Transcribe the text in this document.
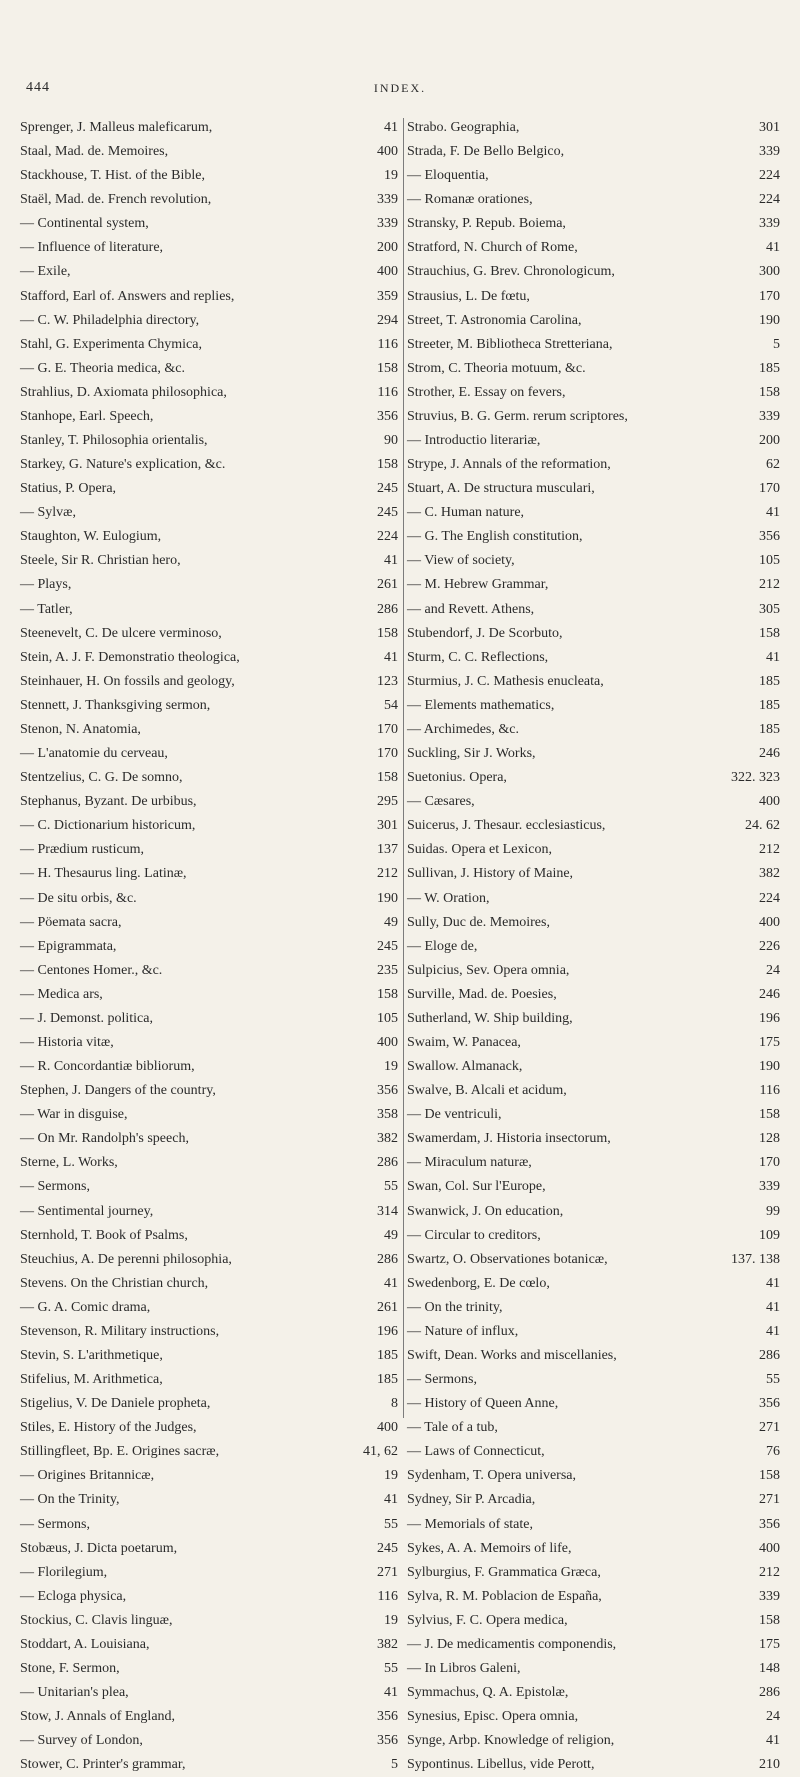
444	INDEX.
Sprenger, J. Malleus maleficarum,	41
Staal, Mad. de. Memoires,	400
Stackhouse, T. Hist. of the Bible,	19
Staël, Mad. de. French revolution,	339
— Continental system,	339
— Influence of literature,	200
— Exile,	400
Stafford, Earl of. Answers and replies,	359
— C. W. Philadelphia directory,	294
Stahl, G. Experimenta Chymica,	116
— G. E. Theoria medica, &c.	158
Strahlius, D. Axiomata philosophica,	116
Stanhope, Earl. Speech,	356
Stanley, T. Philosophia orientalis,	90
Starkey, G. Nature's explication, &c.	158
Statius, P. Opera,	245
— Sylvæ,	245
Staughton, W. Eulogium,	224
Steele, Sir R. Christian hero,	41
— Plays,	261
— Tatler,	286
Steenevelt, C. De ulcere verminoso,	158
Stein, A. J. F. Demonstratio theologica,	41
Steinhauer, H. On fossils and geology,	123
Stennett, J. Thanksgiving sermon,	54
Stenon, N. Anatomia,	170
— L'anatomie du cerveau,	170
Stentzelius, C. G. De somno,	158
Stephanus, Byzant. De urbibus,	295
— C. Dictionarium historicum,	301
— Prædium rusticum,	137
— H. Thesaurus ling. Latinæ,	212
— De situ orbis, &c.	190
— Pöemata sacra,	49
— Epigrammata,	245
— Centones Homer., &c.	235
— Medica ars,	158
— J. Demonst. politica,	105
— Historia vitæ,	400
— R. Concordantiæ bibliorum,	19
Stephen, J. Dangers of the country,	356
— War in disguise,	358
— On Mr. Randolph's speech,	382
Sterne, L. Works,	286
— Sermons,	55
— Sentimental journey,	314
Sternhold, T. Book of Psalms,	49
Steuchius, A. De perenni philosophia,	286
Stevens. On the Christian church,	41
— G. A. Comic drama,	261
Stevenson, R. Military instructions,	196
Stevin, S. L'arithmetique,	185
Stifelius, M. Arithmetica,	185
Stigelius, V. De Daniele propheta,	8
Stiles, E. History of the Judges,	400
Stillingfleet, Bp. E. Origines sacræ,	41, 62
— Origines Britannicæ,	19
— On the Trinity,	41
— Sermons,	55
Stobæus, J. Dicta poetarum,	245
— Florilegium,	271
— Ecloga physica,	116
Stockius, C. Clavis linguæ,	19
Stoddart, A. Louisiana,	382
Stone, F. Sermon,	55
— Unitarian's plea,	41
Stow, J. Annals of England,	356
— Survey of London,	356
Stower, C. Printer's grammar,	5
Strabo. Geographia,	301
Strada, F. De Bello Belgico,	339
— Eloquentia,	224
— Romanæ orationes,	224
Stransky, P. Repub. Boiema,	339
Stratford, N. Church of Rome,	41
Strauchius, G. Brev. Chronologicum,	300
Strausius, L. De fœtu,	170
Street, T. Astronomia Carolina,	190
Streeter, M. Bibliotheca Stretteriana,	5
Strom, C. Theoria motuum, &c.	185
Strother, E. Essay on fevers,	158
Struvius, B. G. Germ. rerum scriptores,	339
— Introductio literariæ,	200
Strype, J. Annals of the reformation,	62
Stuart, A. De structura musculari,	170
— C. Human nature,	41
— G. The English constitution,	356
— View of society,	105
— M. Hebrew Grammar,	212
— and Revett. Athens,	305
Stubendorf, J. De Scorbuto,	158
Sturm, C. C. Reflections,	41
Sturmius, J. C. Mathesis enucleata,	185
— Elements mathematics,	185
— Archimedes, &c.	185
Suckling, Sir J. Works,	246
Suetonius. Opera,	322. 323
— Cæsares,	400
Suicerus, J. Thesaur. ecclesiasticus,	24. 62
Suidas. Opera et Lexicon,	212
Sullivan, J. History of Maine,	382
— W. Oration,	224
Sully, Duc de. Memoires,	400
— Eloge de,	226
Sulpicius, Sev. Opera omnia,	24
Surville, Mad. de. Poesies,	246
Sutherland, W. Ship building,	196
Swaim, W. Panacea,	175
Swallow. Almanack,	190
Swalve, B. Alcali et acidum,	116
— De ventriculi,	158
Swamerdam, J. Historia insectorum,	128
— Miraculum naturæ,	170
Swan, Col. Sur l'Europe,	339
Swanwick, J. On education,	99
— Circular to creditors,	109
Swartz, O. Observationes botanicæ,	137. 138
Swedenborg, E. De cœlo,	41
— On the trinity,	41
— Nature of influx,	41
Swift, Dean. Works and miscellanies,	286
— Sermons,	55
— History of Queen Anne,	356
— Tale of a tub,	271
— Laws of Connecticut,	76
Sydenham, T. Opera universa,	158
Sydney, Sir P. Arcadia,	271
— Memorials of state,	356
Sykes, A. A. Memoirs of life,	400
Sylburgius, F. Grammatica Græca,	212
Sylva, R. M. Poblacion de España,	339
Sylvius, F. C. Opera medica,	158
— J. De medicamentis componendis,	175
— In Libros Galeni,	148
Symmachus, Q. A. Epistolæ,	286
Synesius, Episc. Opera omnia,	24
Synge, Arbp. Knowledge of religion,	41
Sypontinus. Libellus, vide Perott,	210
